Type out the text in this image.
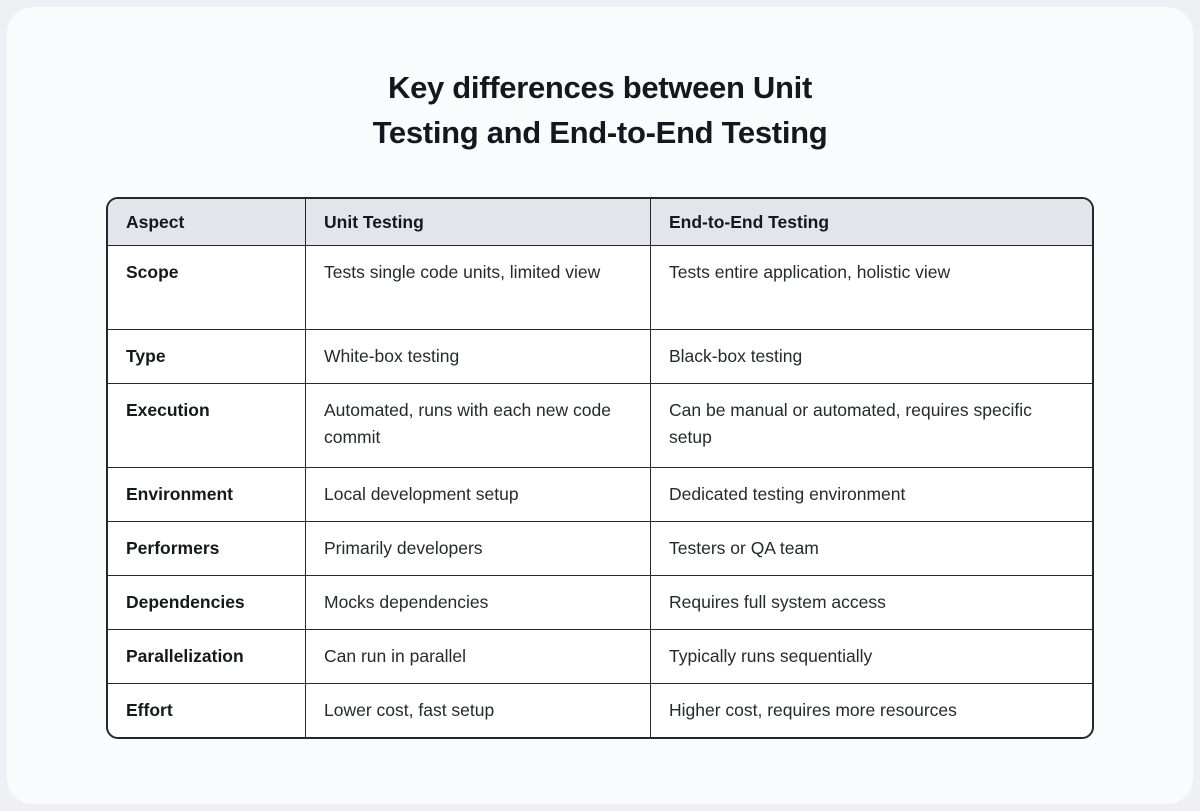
Key differences between Unit
Testing and End-to-End Testing
Aspect	Unit Testing	End-to-End Testing
Scope	Tests single code units, limited view	Tests entire application, holistic view
Type	White-box testing	Black-box testing
Execution	Automated, runs with each new code commit	Can be manual or automated, requires specific setup
Environment	Local development setup	Dedicated testing environment
Performers	Primarily developers	Testers or QA team
Dependencies	Mocks dependencies	Requires full system access
Parallelization	Can run in parallel	Typically runs sequentially
Effort	Lower cost, fast setup	Higher cost, requires more resources
